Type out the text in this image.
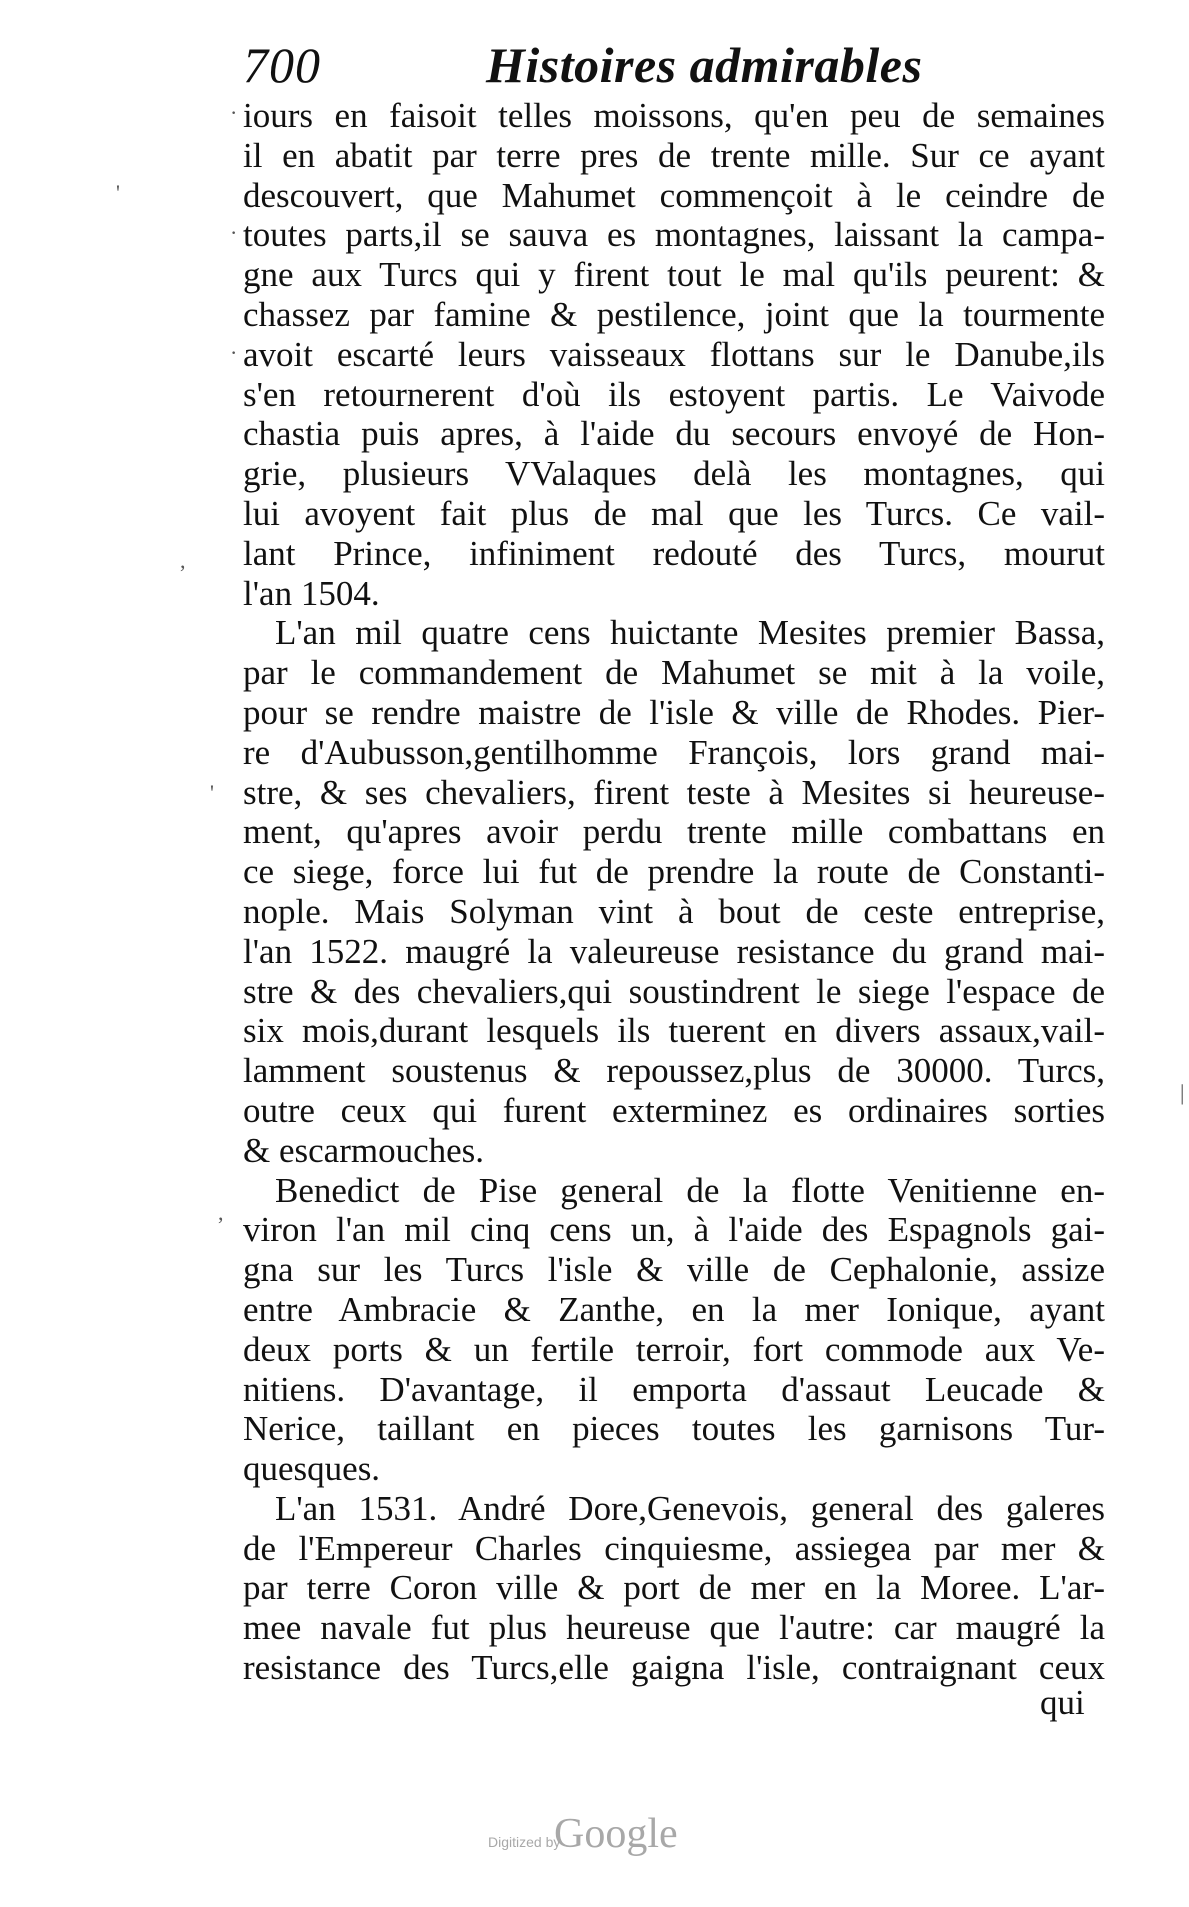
700	Histoires admirables
iours en faisoit telles moissons, qu'en peu de semaines
il en abatit par terre pres de trente mille. Sur ce ayant
descouvert, que Mahumet commençoit à le ceindre de
toutes parts,il se sauva es montagnes, laissant la campa-
gne aux Turcs qui y firent tout le mal qu'ils peurent: &
chassez par famine & pestilence, joint que la tourmente
avoit escarté leurs vaisseaux flottans sur le Danube,ils
s'en retournerent d'où ils estoyent partis. Le Vaivode
chastia puis apres, à l'aide du secours envoyé de Hon-
grie, plusieurs VValaques delà les montagnes, qui
lui avoyent fait plus de mal que les Turcs. Ce vail-
lant Prince, infiniment redouté des Turcs, mourut
l'an 1504.
L'an mil quatre cens huictante Mesites premier Bassa,
par le commandement de Mahumet se mit à la voile,
pour se rendre maistre de l'isle & ville de Rhodes. Pier-
re d'Aubusson,gentilhomme François, lors grand mai-
stre, & ses chevaliers, firent teste à Mesites si heureuse-
ment, qu'apres avoir perdu trente mille combattans en
ce siege, force lui fut de prendre la route de Constanti-
nople. Mais Solyman vint à bout de ceste entreprise,
l'an 1522. maugré la valeureuse resistance du grand mai-
stre & des chevaliers,qui soustindrent le siege l'espace de
six mois,durant lesquels ils tuerent en divers assaux,vail-
lamment soustenus & repoussez,plus de 30000. Turcs,
outre ceux qui furent exterminez es ordinaires sorties
& escarmouches.
Benedict de Pise general de la flotte Venitienne en-
viron l'an mil cinq cens un, à l'aide des Espagnols gai-
gna sur les Turcs l'isle & ville de Cephalonie, assize
entre Ambracie & Zanthe, en la mer Ionique, ayant
deux ports & un fertile terroir, fort commode aux Ve-
nitiens. D'avantage, il emporta d'assaut Leucade &
Nerice, taillant en pieces toutes les garnisons Tur-
quesques.
L'an 1531. André Dore,Genevois, general des galeres
de l'Empereur Charles cinquiesme, assiegea par mer &
par terre Coron ville & port de mer en la Moree. L'ar-
mee navale fut plus heureuse que l'autre: car maugré la
resistance des Turcs,elle gaigna l'isle, contraignant ceux
qui
·
'
·
·
,
'
|
,
Digitized by
Google
